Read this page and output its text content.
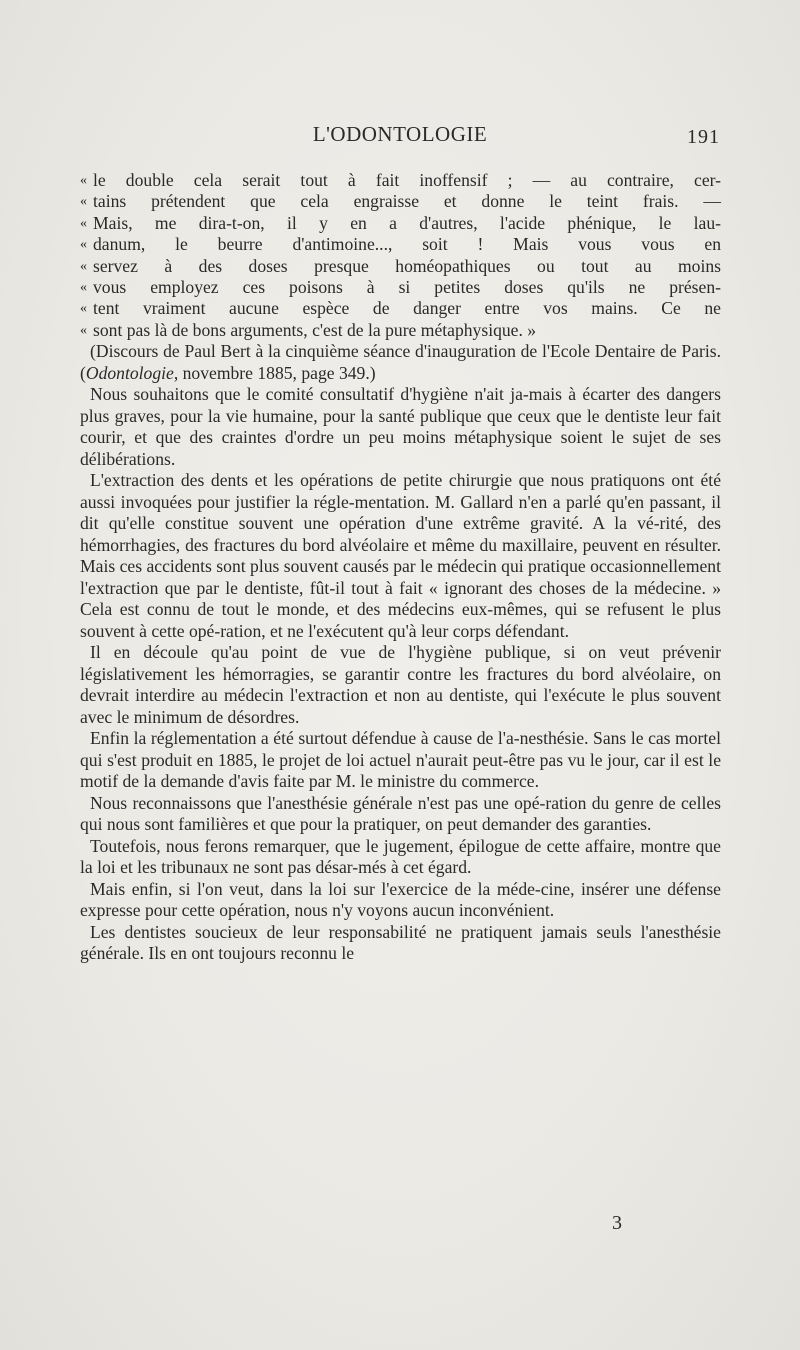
L'ODONTOLOGIE	191
« le double cela serait tout à fait inoffensif ; — au contraire, cer-
« tains prétendent que cela engraisse et donne le teint frais. —
« Mais, me dira-t-on, il y en a d'autres, l'acide phénique, le lau-
« danum, le beurre d'antimoine..., soit ! Mais vous vous en
« servez à des doses presque homéopathiques ou tout au moins
« vous employez ces poisons à si petites doses qu'ils ne présen-
« tent vraiment aucune espèce de danger entre vos mains. Ce ne
« sont pas là de bons arguments, c'est de la pure métaphysique. »

(Discours de Paul Bert à la cinquième séance d'inauguration de l'Ecole Dentaire de Paris. (Odontologie, novembre 1885, page 349.)

Nous souhaitons que le comité consultatif d'hygiène n'ait ja-mais à écarter des dangers plus graves, pour la vie humaine, pour la santé publique que ceux que le dentiste leur fait courir, et que des craintes d'ordre un peu moins métaphysique soient le sujet de ses délibérations.

L'extraction des dents et les opérations de petite chirurgie que nous pratiquons ont été aussi invoquées pour justifier la régle-mentation. M. Gallard n'en a parlé qu'en passant, il dit qu'elle constitue souvent une opération d'une extrême gravité. A la vé-rité, des hémorrhagies, des fractures du bord alvéolaire et même du maxillaire, peuvent en résulter. Mais ces accidents sont plus souvent causés par le médecin qui pratique occasionnellement l'extraction que par le dentiste, fût-il tout à fait « ignorant des choses de la médecine. » Cela est connu de tout le monde, et des médecins eux-mêmes, qui se refusent le plus souvent à cette opé-ration, et ne l'exécutent qu'à leur corps défendant.

Il en découle qu'au point de vue de l'hygiène publique, si on veut prévenir législativement les hémorragies, se garantir contre les fractures du bord alvéolaire, on devrait interdire au médecin l'extraction et non au dentiste, qui l'exécute le plus souvent avec le minimum de désordres.

Enfin la réglementation a été surtout défendue à cause de l'a-nesthésie. Sans le cas mortel qui s'est produit en 1885, le projet de loi actuel n'aurait peut-être pas vu le jour, car il est le motif de la demande d'avis faite par M. le ministre du commerce.

Nous reconnaissons que l'anesthésie générale n'est pas une opé-ration du genre de celles qui nous sont familières et que pour la pratiquer, on peut demander des garanties.

Toutefois, nous ferons remarquer, que le jugement, épilogue de cette affaire, montre que la loi et les tribunaux ne sont pas désar-més à cet égard.

Mais enfin, si l'on veut, dans la loi sur l'exercice de la méde-cine, insérer une défense expresse pour cette opération, nous n'y voyons aucun inconvénient.

Les dentistes soucieux de leur responsabilité ne pratiquent jamais seuls l'anesthésie générale. Ils en ont toujours reconnu le

3
